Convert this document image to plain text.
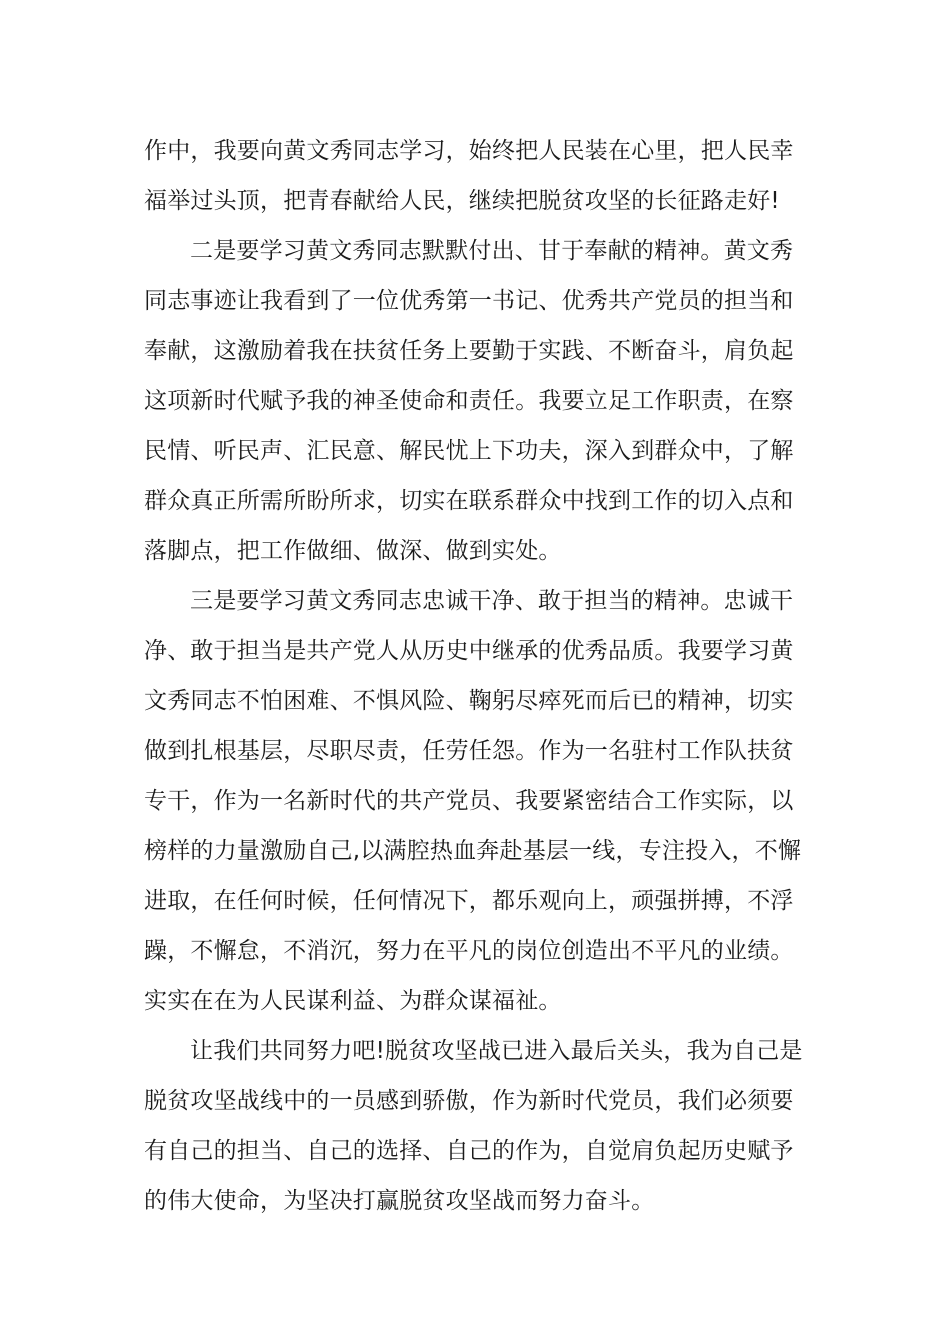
作中，我要向黄文秀同志学习，始终把人民装在心里，把人民幸
福举过头顶，把青春献给人民，继续把脱贫攻坚的长征路走好!
二是要学习黄文秀同志默默付出、甘于奉献的精神。黄文秀
同志事迹让我看到了一位优秀第一书记、优秀共产党员的担当和
奉献，这激励着我在扶贫任务上要勤于实践、不断奋斗，肩负起
这项新时代赋予我的神圣使命和责任。我要立足工作职责，在察
民情、听民声、汇民意、解民忧上下功夫，深入到群众中，了解
群众真正所需所盼所求，切实在联系群众中找到工作的切入点和
落脚点，把工作做细、做深、做到实处。
三是要学习黄文秀同志忠诚干净、敢于担当的精神。忠诚干
净、敢于担当是共产党人从历史中继承的优秀品质。我要学习黄
文秀同志不怕困难、不惧风险、鞠躬尽瘁死而后已的精神，切实
做到扎根基层，尽职尽责，任劳任怨。作为一名驻村工作队扶贫
专干，作为一名新时代的共产党员、我要紧密结合工作实际，以
榜样的力量激励自己,以满腔热血奔赴基层一线，专注投入，不懈
进取，在任何时候，任何情况下，都乐观向上，顽强拼搏，不浮
躁，不懈怠，不消沉，努力在平凡的岗位创造出不平凡的业绩。
实实在在为人民谋利益、为群众谋福祉。
让我们共同努力吧!脱贫攻坚战已进入最后关头，我为自己是
脱贫攻坚战线中的一员感到骄傲，作为新时代党员，我们必须要
有自己的担当、自己的选择、自己的作为，自觉肩负起历史赋予
的伟大使命，为坚决打赢脱贫攻坚战而努力奋斗。
